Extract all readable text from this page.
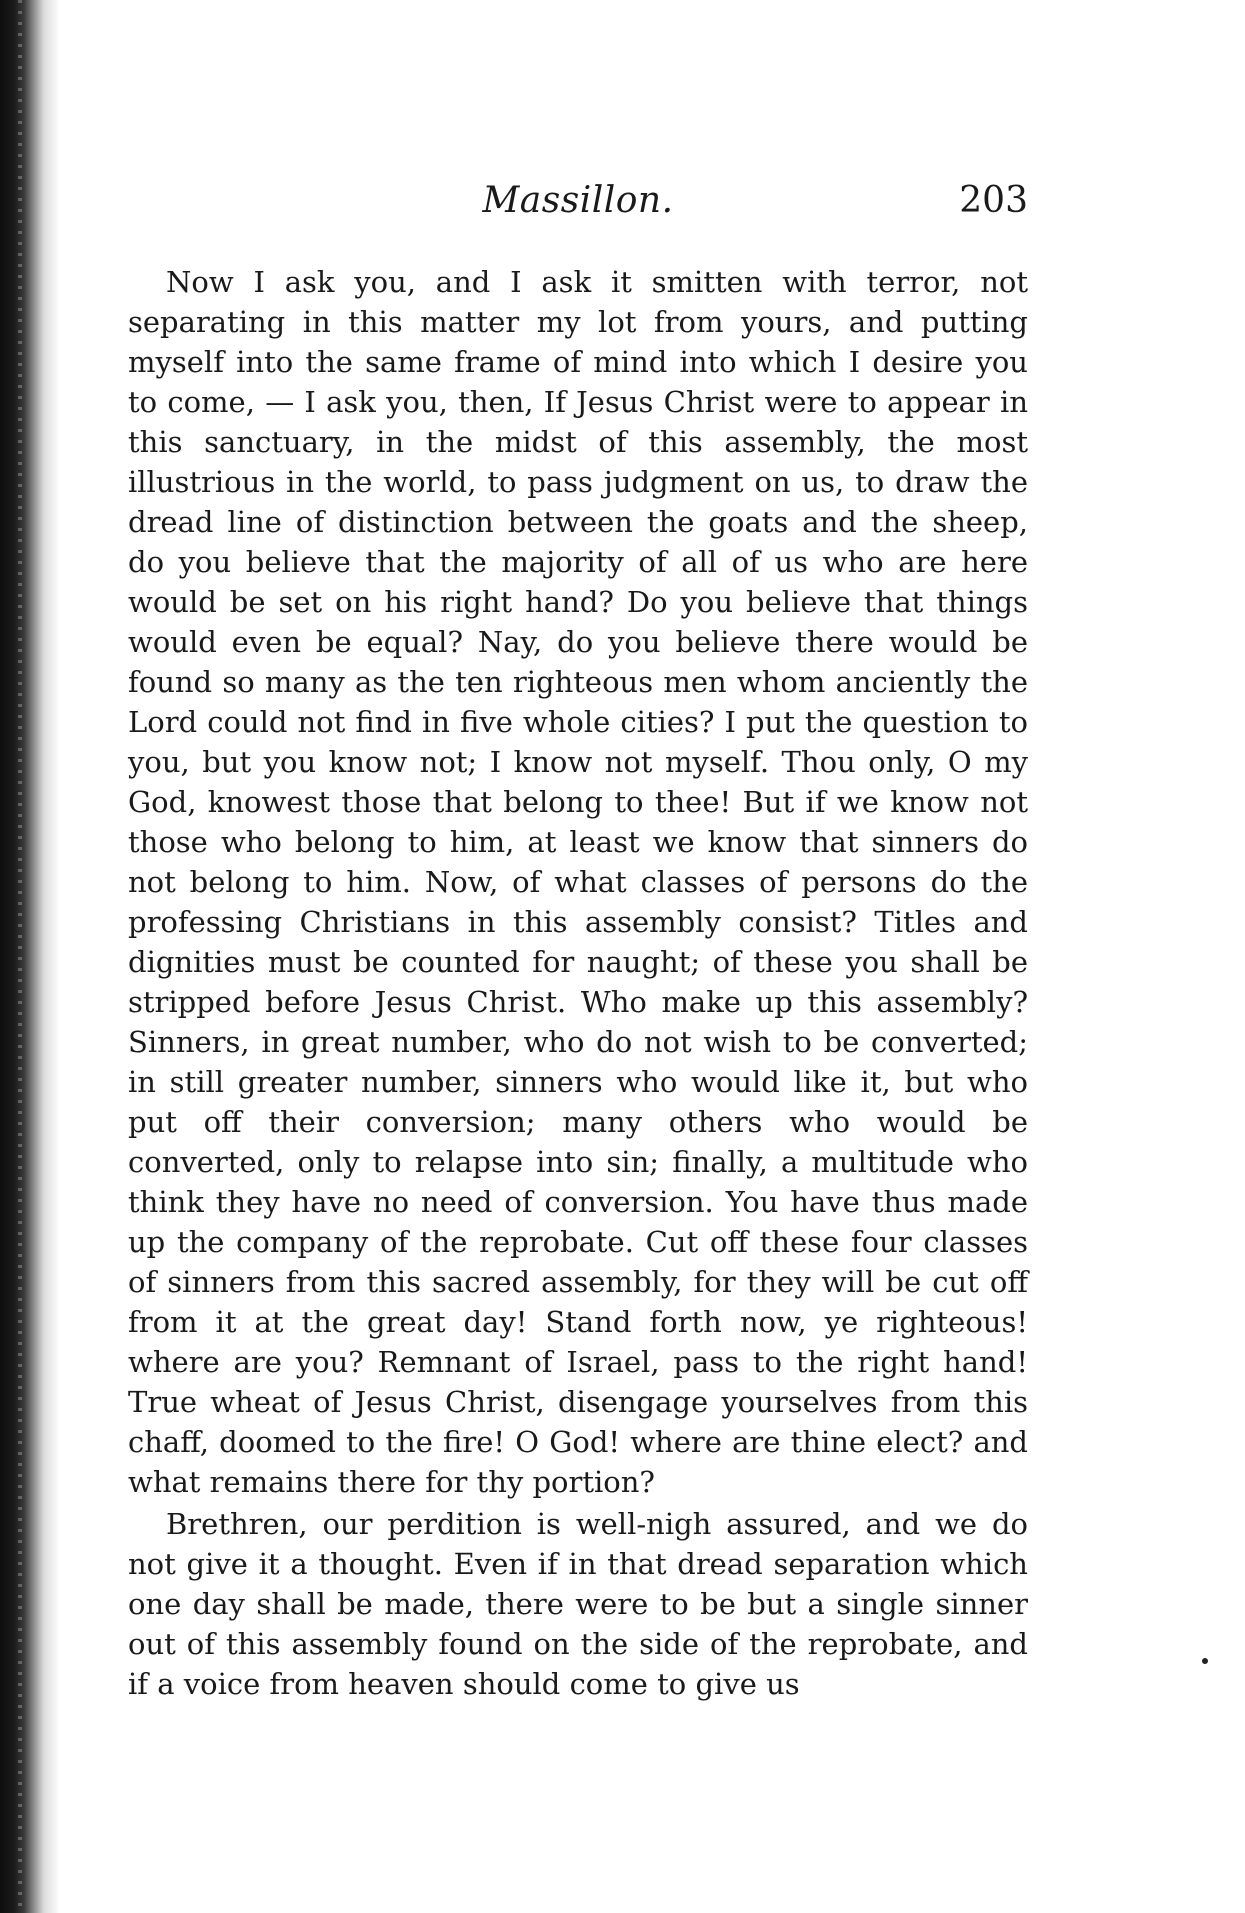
Massillon.	203

Now I ask you, and I ask it smitten with terror, not separating in this matter my lot from yours, and putting myself into the same frame of mind into which I desire you to come, — I ask you, then, If Jesus Christ were to appear in this sanctuary, in the midst of this assembly, the most illustrious in the world, to pass judgment on us, to draw the dread line of distinction between the goats and the sheep, do you believe that the majority of all of us who are here would be set on his right hand? Do you believe that things would even be equal? Nay, do you believe there would be found so many as the ten righteous men whom anciently the Lord could not find in five whole cities? I put the question to you, but you know not; I know not myself. Thou only, O my God, knowest those that belong to thee! But if we know not those who belong to him, at least we know that sinners do not belong to him. Now, of what classes of persons do the professing Christians in this assembly consist? Titles and dignities must be counted for naught; of these you shall be stripped before Jesus Christ. Who make up this assembly? Sinners, in great number, who do not wish to be converted; in still greater number, sinners who would like it, but who put off their conversion; many others who would be converted, only to relapse into sin; finally, a multitude who think they have no need of conversion. You have thus made up the company of the reprobate. Cut off these four classes of sinners from this sacred assembly, for they will be cut off from it at the great day! Stand forth now, ye righteous! where are you? Remnant of Israel, pass to the right hand! True wheat of Jesus Christ, disengage yourselves from this chaff, doomed to the fire! O God! where are thine elect? and what remains there for thy portion?

Brethren, our perdition is well-nigh assured, and we do not give it a thought. Even if in that dread separation which one day shall be made, there were to be but a single sinner out of this assembly found on the side of the reprobate, and if a voice from heaven should come to give us
